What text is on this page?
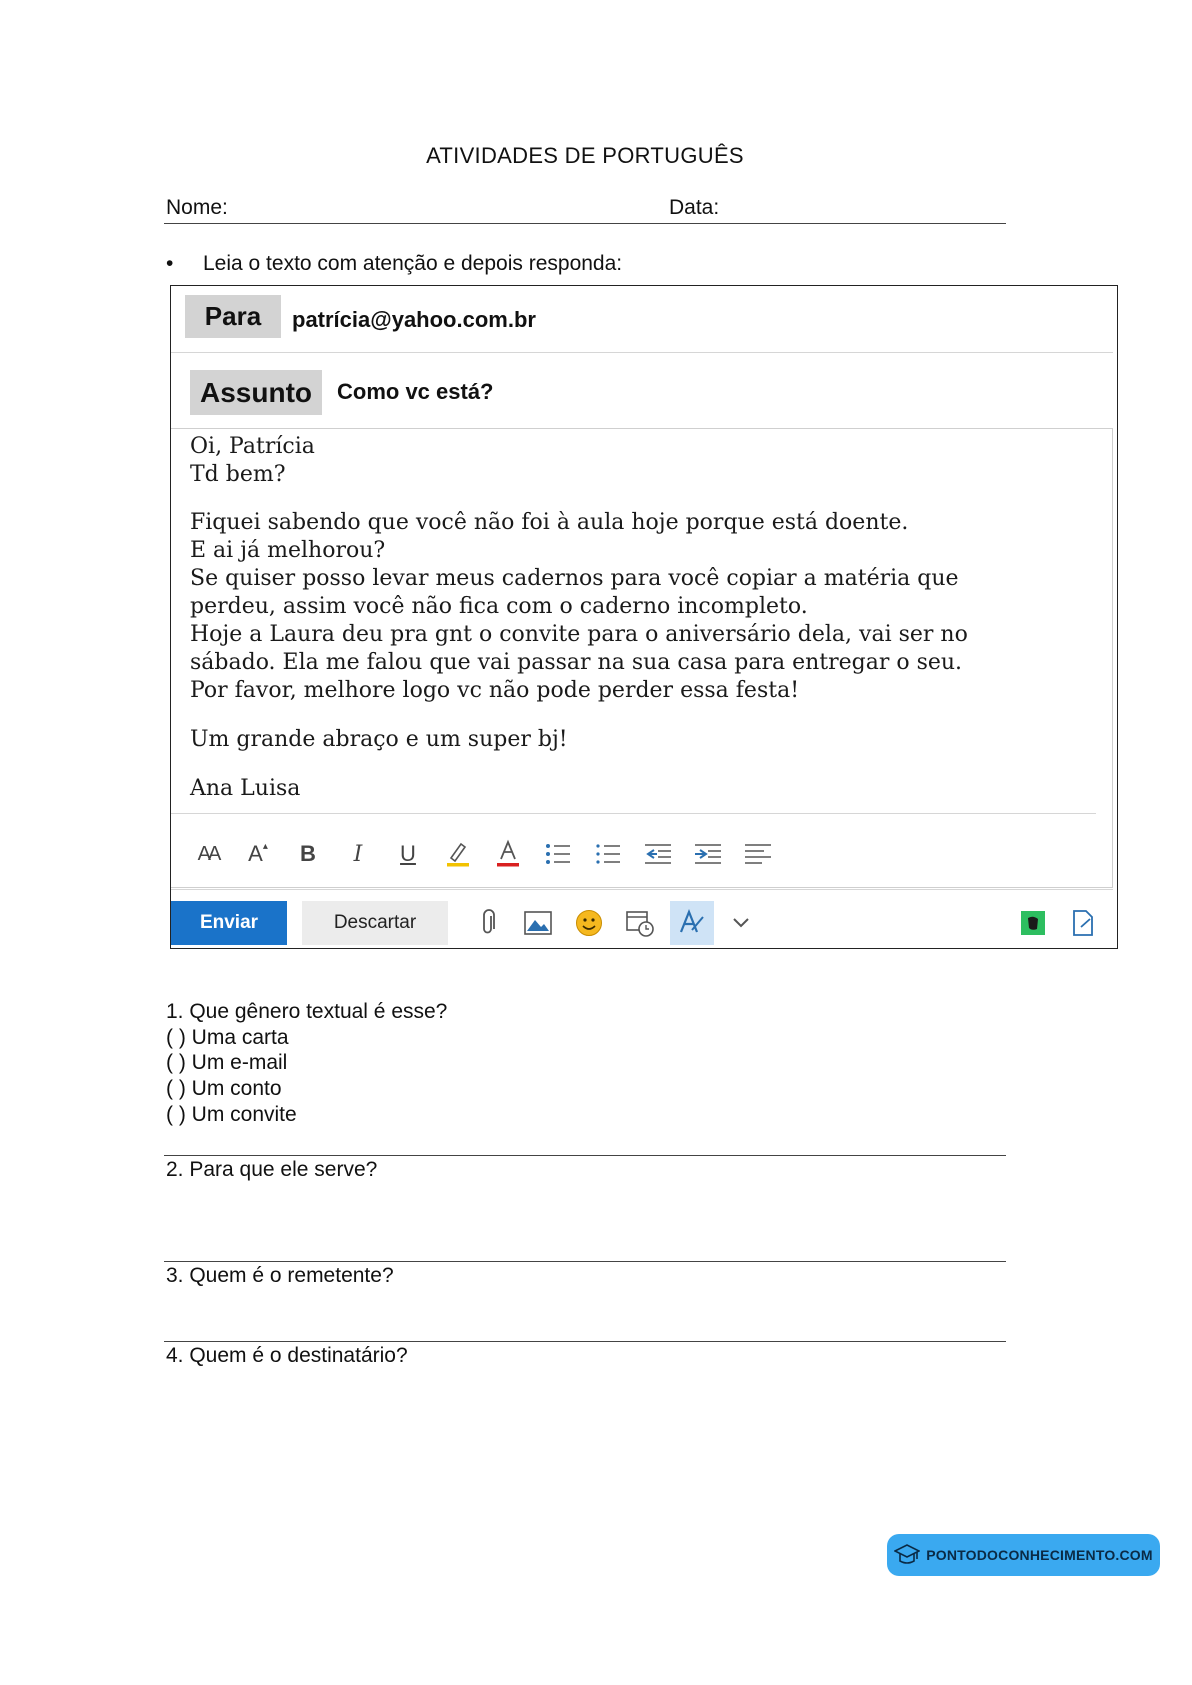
ATIVIDADES DE PORTUGUÊS
Nome:	Data:
• Leia o texto com atenção e depois responda:
Para	patrícia@yahoo.com.br
Assunto	Como vc está?
Oi, Patrícia
Td bem?
Fiquei sabendo que você não foi à aula hoje porque está doente.
E ai já melhorou?
Se quiser posso levar meus cadernos para você copiar a matéria que
perdeu, assim você não fica com o caderno incompleto.
Hoje a Laura deu pra gnt o convite para o aniversário dela, vai ser no
sábado. Ela me falou que vai passar na sua casa para entregar o seu.
Por favor, melhore logo vc não pode perder essa festa!
Um grande abraço e um super bj!
Ana Luisa
AA A ▴ B I U
Enviar	Descartar
1. Que gênero textual é esse?
( ) Uma carta
( ) Um e-mail
( ) Um conto
( ) Um convite
2. Para que ele serve?
3. Quem é o remetente?
4. Quem é o destinatário?
PONTODOCONHECIMENTO.COM
